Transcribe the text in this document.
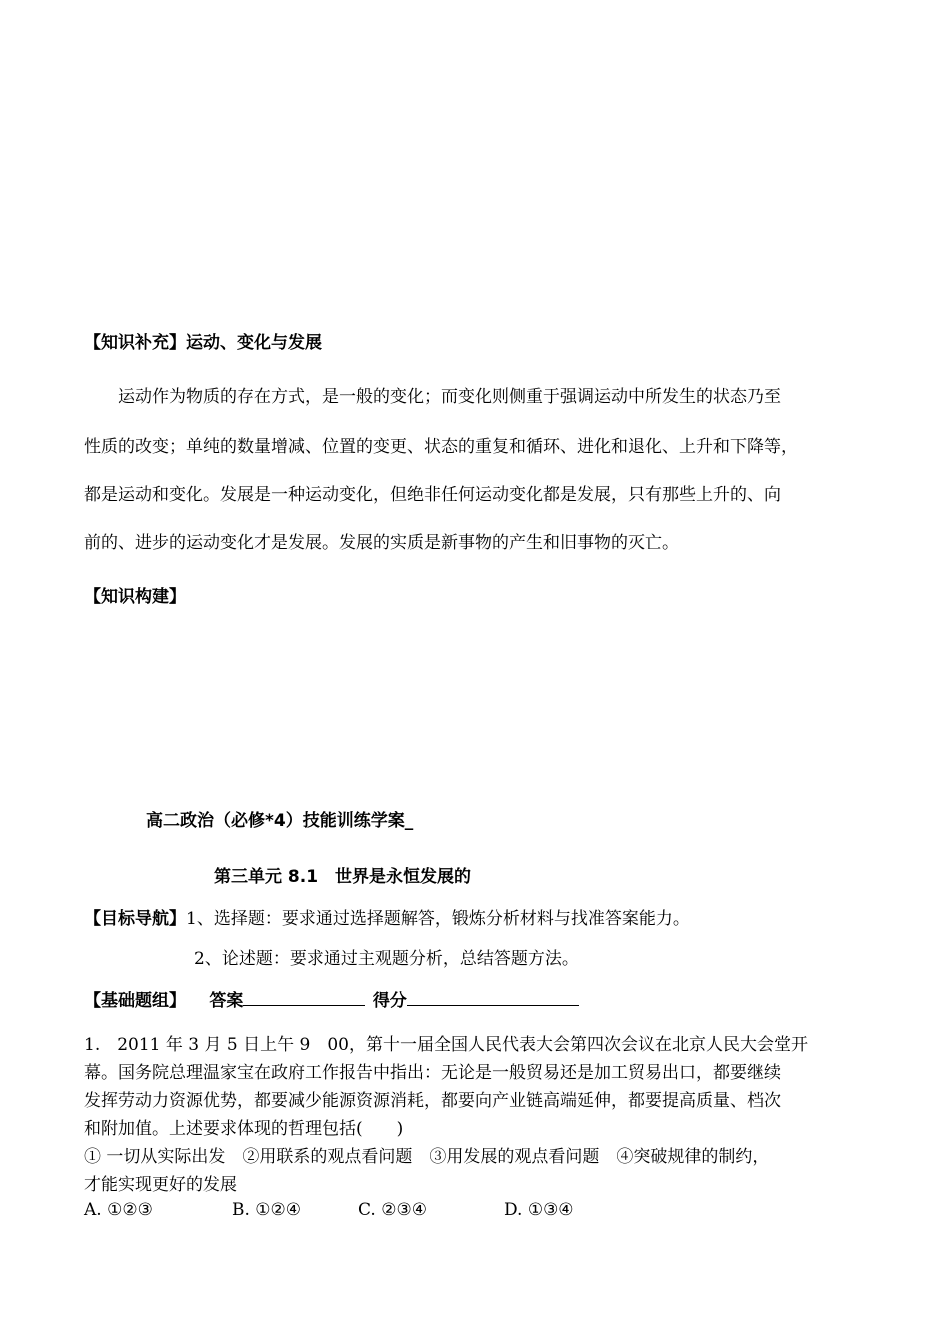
【知识补充】运动、变化与发展
运动作为物质的存在方式，是一般的变化；而变化则侧重于强调运动中所发生的状态乃至
性质的改变；单纯的数量增减、位置的变更、状态的重复和循环、进化和退化、上升和下降等，
都是运动和变化。发展是一种运动变化，但绝非任何运动变化都是发展，只有那些上升的、向
前的、进步的运动变化才是发展。发展的实质是新事物的产生和旧事物的灭亡。
【知识构建】
高二政治（必修*4）技能训练学案_
第三单元 8.1　世界是永恒发展的
【目标导航】1、选择题：要求通过选择题解答，锻炼分析材料与找准答案能力。
2、论述题：要求通过主观题分析，总结答题方法。
【基础题组】 答案	得分
1.　2011 年 3 月 5 日上午 9　00，第十一届全国人民代表大会第四次会议在北京人民大会堂开
幕。国务院总理温家宝在政府工作报告中指出：无论是一般贸易还是加工贸易出口，都要继续
发挥劳动力资源优势，都要减少能源资源消耗，都要向产业链高端延伸，都要提高质量、档次
和附加值。上述要求体现的哲理包括(　　)
① 一切从实际出发　②用联系的观点看问题　③用发展的观点看问题　④突破规律的制约，
才能实现更好的发展
A. ①②③	B. ①②④	C. ②③④	D. ①③④
